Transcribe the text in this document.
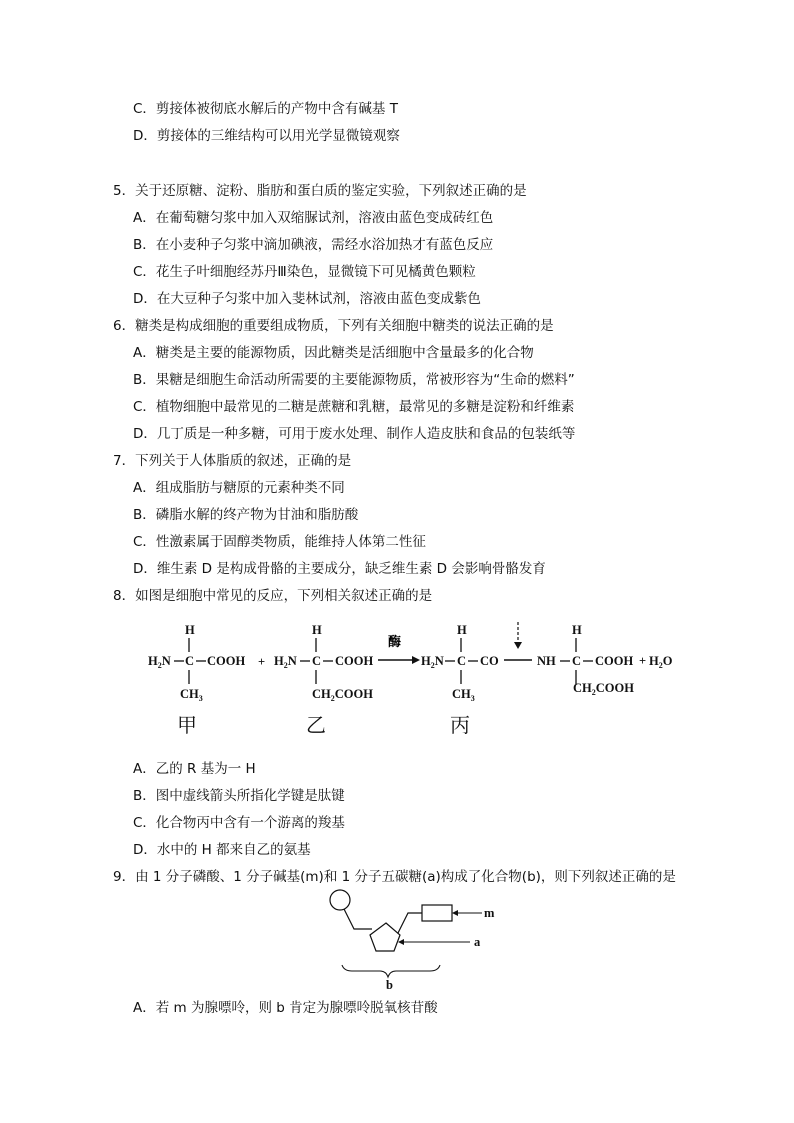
C．剪接体被彻底水解后的产物中含有碱基 T
D．剪接体的三维结构可以用光学显微镜观察
5．关于还原糖、淀粉、脂肪和蛋白质的鉴定实验，下列叙述正确的是
A．在葡萄糖匀浆中加入双缩脲试剂，溶液由蓝色变成砖红色
B．在小麦种子匀浆中滴加碘液，需经水浴加热才有蓝色反应
C．花生子叶细胞经苏丹Ⅲ染色，显微镜下可见橘黄色颗粒
D．在大豆种子匀浆中加入斐林试剂，溶液由蓝色变成紫色
6．糖类是构成细胞的重要组成物质，下列有关细胞中糖类的说法正确的是
A．糖类是主要的能源物质，因此糖类是活细胞中含量最多的化合物
B．果糖是细胞生命活动所需要的主要能源物质，常被形容为“生命的燃料”
C．植物细胞中最常见的二糖是蔗糖和乳糖，最常见的多糖是淀粉和纤维素
D．几丁质是一种多糖，可用于废水处理、制作人造皮肤和食品的包装纸等
7．下列关于人体脂质的叙述，正确的是
A．组成脂肪与糖原的元素种类不同
B．磷脂水解的终产物为甘油和脂肪酸
C．性激素属于固醇类物质，能维持人体第二性征
D．维生素 D 是构成骨骼的主要成分，缺乏维生素 D 会影响骨骼发育
8．如图是细胞中常见的反应，下列相关叙述正确的是
H
$H_2N$ C COOH
$CH_3$
+
H
$H_2N$ C COOH
$CH_2COOH$
酶
H
$H_2N$ C CO
$CH_3$
NH
H
C COOH + $H_2O$
$CH_2COOH$
甲	乙	丙
A．乙的 R 基为一 H
B．图中虚线箭头所指化学键是肽键
C．化合物丙中含有一个游离的羧基
D．水中的 H 都来自乙的氨基
9．由 1 分子磷酸、1 分子碱基(m)和 1 分子五碳糖(a)构成了化合物(b)，则下列叙述正确的是
m
a
b
A．若 m 为腺嘌呤，则 b 肯定为腺嘌呤脱氧核苷酸
